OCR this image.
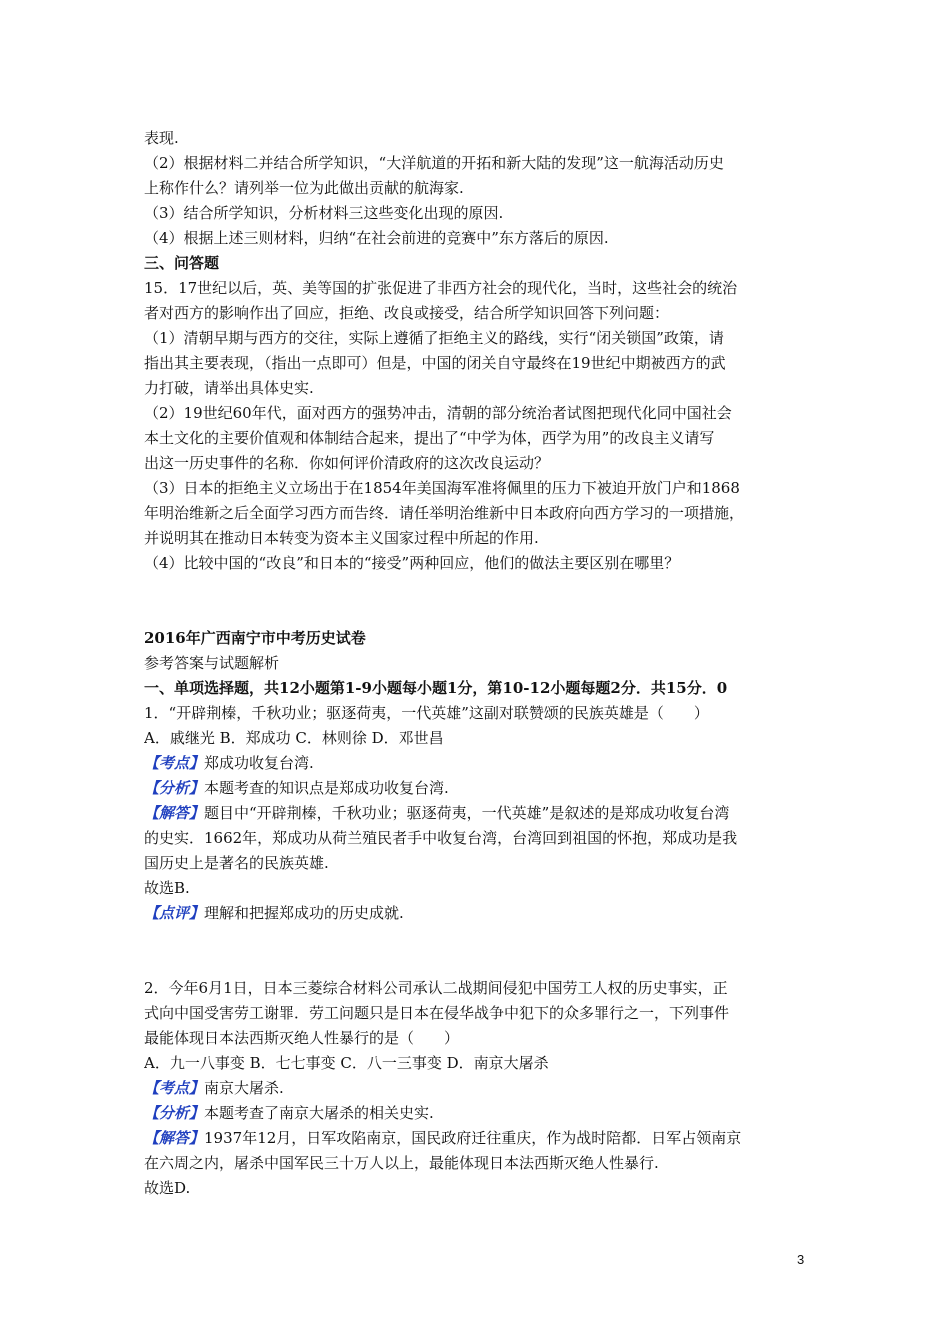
表现.
（2）根据材料二并结合所学知识，“大洋航道的开拓和新大陆的发现”这一航海活动历史
上称作什么？请列举一位为此做出贡献的航海家.
（3）结合所学知识，分析材料三这些变化出现的原因.
（4）根据上述三则材料，归纳“在社会前进的竞赛中”东方落后的原因.
三、问答题
15．17世纪以后，英、美等国的扩张促进了非西方社会的现代化，当时，这些社会的统治
者对西方的影响作出了回应，拒绝、改良或接受，结合所学知识回答下列问题：
（1）清朝早期与西方的交往，实际上遵循了拒绝主义的路线，实行“闭关锁国”政策，请
指出其主要表现，（指出一点即可）但是，中国的闭关自守最终在19世纪中期被西方的武
力打破，请举出具体史实.
（2）19世纪60年代，面对西方的强势冲击，清朝的部分统治者试图把现代化同中国社会
本土文化的主要价值观和体制结合起来，提出了“中学为体，西学为用”的改良主义请写
出这一历史事件的名称．你如何评价清政府的这次改良运动？
（3）日本的拒绝主义立场出于在1854年美国海军准将佩里的压力下被迫开放门户和1868
年明治维新之后全面学习西方而告终．请任举明治维新中日本政府向西方学习的一项措施，
并说明其在推动日本转变为资本主义国家过程中所起的作用.
（4）比较中国的“改良”和日本的“接受”两种回应，他们的做法主要区别在哪里？
2016年广西南宁市中考历史试卷
参考答案与试题解析
一、单项选择题，共12小题第1-9小题每小题1分，第10-12小题每题2分．共15分．0
1．“开辟荆榛，千秋功业；驱逐荷夷，一代英雄”这副对联赞颂的民族英雄是（　　）
A．戚继光 B．郑成功 C．林则徐 D．邓世昌
【考点】郑成功收复台湾.
【分析】本题考查的知识点是郑成功收复台湾.
【解答】题目中“开辟荆榛，千秋功业；驱逐荷夷，一代英雄”是叙述的是郑成功收复台湾
的史实．1662年，郑成功从荷兰殖民者手中收复台湾，台湾回到祖国的怀抱，郑成功是我
国历史上是著名的民族英雄.
故选B.
【点评】理解和把握郑成功的历史成就.
2．今年6月1日，日本三菱综合材料公司承认二战期间侵犯中国劳工人权的历史事实，正
式向中国受害劳工谢罪．劳工问题只是日本在侵华战争中犯下的众多罪行之一，下列事件
最能体现日本法西斯灭绝人性暴行的是（　　）
A．九一八事变 B．七七事变 C．八一三事变 D．南京大屠杀
【考点】南京大屠杀.
【分析】本题考查了南京大屠杀的相关史实.
【解答】1937年12月，日军攻陷南京，国民政府迁往重庆，作为战时陪都．日军占领南京
在六周之内，屠杀中国军民三十万人以上，最能体现日本法西斯灭绝人性暴行.
故选D.
3
